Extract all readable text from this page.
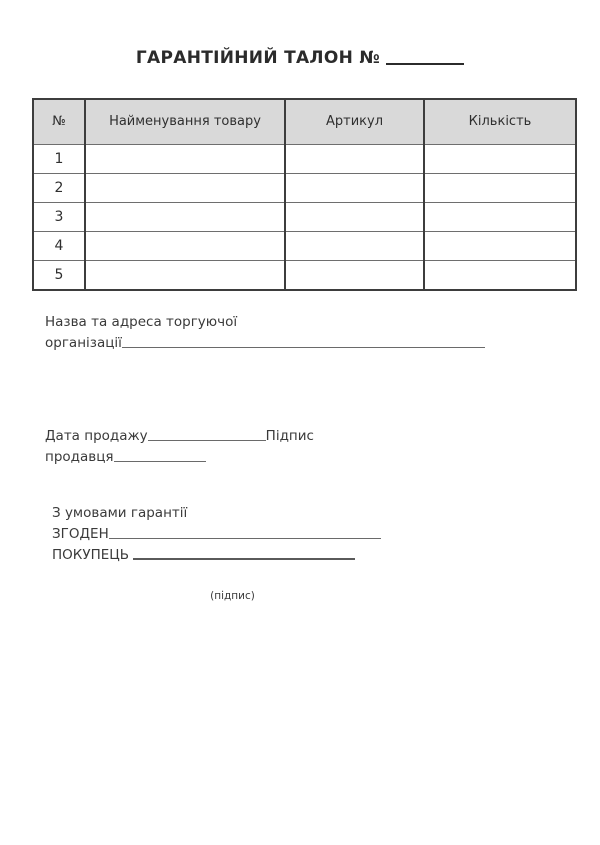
ГАРАНТІЙНИЙ ТАЛОН №
№	Найменування товару	Артикул	Кількість
1			
2			
3			
4			
5			
Назва та адреса торгуючої
організації
Дата продажу	Підпис
продавця
З умовами гарантії
ЗГОДЕН
ПОКУПЕЦЬ
(підпис)
